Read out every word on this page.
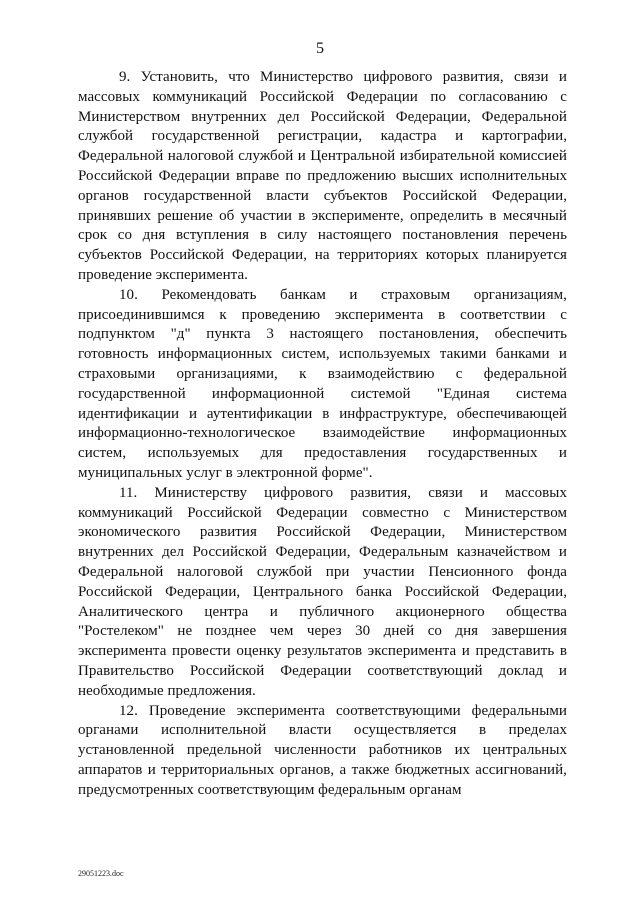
5

9. Установить, что Министерство цифрового развития, связи и массовых коммуникаций Российской Федерации по согласованию с Министерством внутренних дел Российской Федерации, Федеральной службой государственной регистрации, кадастра и картографии, Федеральной налоговой службой и Центральной избирательной комиссией Российской Федерации вправе по предложению высших исполнительных органов государственной власти субъектов Российской Федерации, принявших решение об участии в эксперименте, определить в месячный срок со дня вступления в силу настоящего постановления перечень субъектов Российской Федерации, на территориях которых планируется проведение эксперимента.

10. Рекомендовать банкам и страховым организациям, присоединившимся к проведению эксперимента в соответствии с подпунктом "д" пункта 3 настоящего постановления, обеспечить готовность информационных систем, используемых такими банками и страховыми организациями, к взаимодействию с федеральной государственной информационной системой "Единая система идентификации и аутентификации в инфраструктуре, обеспечивающей информационно-технологическое взаимодействие информационных систем, используемых для предоставления государственных и муниципальных услуг в электронной форме".

11. Министерству цифрового развития, связи и массовых коммуникаций Российской Федерации совместно с Министерством экономического развития Российской Федерации, Министерством внутренних дел Российской Федерации, Федеральным казначейством и Федеральной налоговой службой при участии Пенсионного фонда Российской Федерации, Центрального банка Российской Федерации, Аналитического центра и публичного акционерного общества "Ростелеком" не позднее чем через 30 дней со дня завершения эксперимента провести оценку результатов эксперимента и представить в Правительство Российской Федерации соответствующий доклад и необходимые предложения.

12. Проведение эксперимента соответствующими федеральными органами исполнительной власти осуществляется в пределах установленной предельной численности работников их центральных аппаратов и территориальных органов, а также бюджетных ассигнований, предусмотренных соответствующим федеральным органам

29051223.doc
